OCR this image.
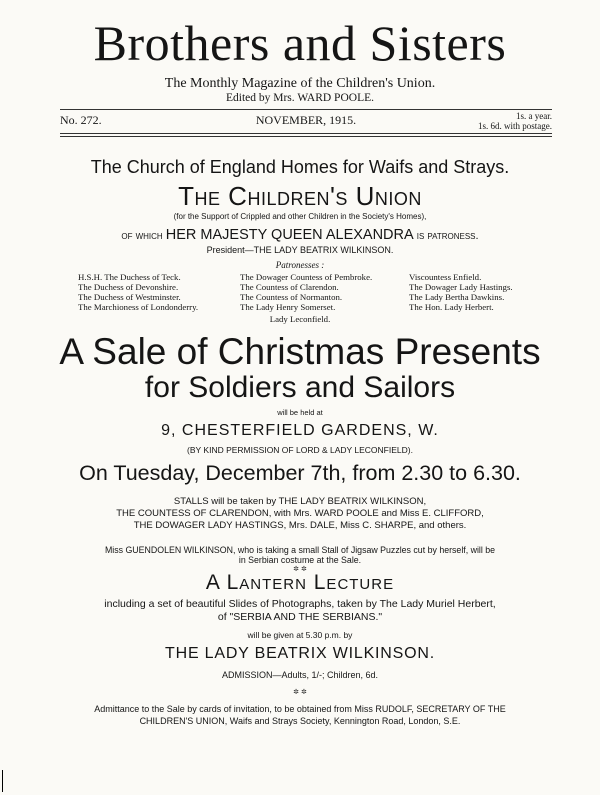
Brothers and Sisters
The Monthly Magazine of the Children's Union.
Edited by Mrs. WARD POOLE.
No. 272.	NOVEMBER, 1915.	1s. a year.
1s. 6d. with postage.
The Church of England Homes for Waifs and Strays.
The Children's Union
(for the Support of Crippled and other Children in the Society's Homes),
of which HER MAJESTY QUEEN ALEXANDRA is patroness.
President—THE LADY BEATRIX WILKINSON.
Patronesses :
H.S.H. The Duchess of Teck.
The Duchess of Devonshire.
The Duchess of Westminster.
The Marchioness of Londonderry.
The Dowager Countess of Pembroke.
The Countess of Clarendon.
The Countess of Normanton.
The Lady Henry Somerset.
Viscountess Enfield.
The Dowager Lady Hastings.
The Lady Bertha Dawkins.
The Hon. Lady Herbert.
Lady Leconfield.
A Sale of Christmas Presents
for Soldiers and Sailors
will be held at
9, CHESTERFIELD GARDENS, W.
(BY KIND PERMISSION OF LORD & LADY LECONFIELD).
On Tuesday, December 7th, from 2.30 to 6.30.
STALLS will be taken by THE LADY BEATRIX WILKINSON,
THE COUNTESS OF CLARENDON, with Mrs. WARD POOLE and Miss E. CLIFFORD,
THE DOWAGER LADY HASTINGS, Mrs. DALE, Miss C. SHARPE, and others.
Miss GUENDOLEN WILKINSON, who is taking a small Stall of Jigsaw Puzzles cut by herself, will be
in Serbian costume at the Sale.
✲ ✲
A Lantern Lecture
including a set of beautiful Slides of Photographs, taken by The Lady Muriel Herbert,
of "SERBIA AND THE SERBIANS."
will be given at 5.30 p.m. by
THE LADY BEATRIX WILKINSON.
ADMISSION—Adults, 1/-; Children, 6d.
✲ ✲
Admittance to the Sale by cards of invitation, to be obtained from Miss RUDOLF, SECRETARY OF THE
CHILDREN'S UNION, Waifs and Strays Society, Kennington Road, London, S.E.
